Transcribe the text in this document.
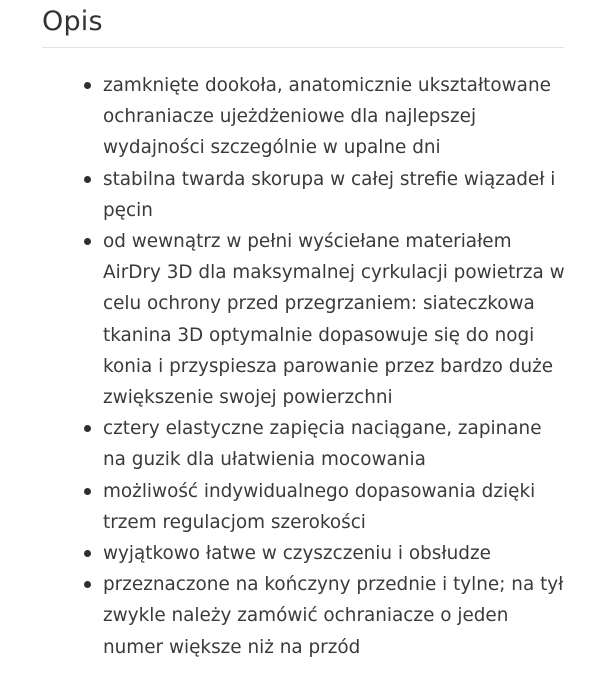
Opis
zamknięte dookoła, anatomicznie ukształtowane ochraniacze ujeżdżeniowe dla najlepszej wydajności szczególnie w upalne dni
stabilna twarda skorupa w całej strefie wiązadeł i pęcin
od wewnątrz w pełni wyściełane materiałem AirDry 3D dla maksymalnej cyrkulacji powietrza w celu ochrony przed przegrzaniem: siateczkowa tkanina 3D optymalnie dopasowuje się do nogi konia i przyspiesza parowanie przez bardzo duże zwiększenie swojej powierzchni
cztery elastyczne zapięcia naciągane, zapinane na guzik dla ułatwienia mocowania
możliwość indywidualnego dopasowania dzięki trzem regulacjom szerokości
wyjątkowo łatwe w czyszczeniu i obsłudze
przeznaczone na kończyny przednie i tylne; na tył zwykle należy zamówić ochraniacze o jeden numer większe niż na przód
